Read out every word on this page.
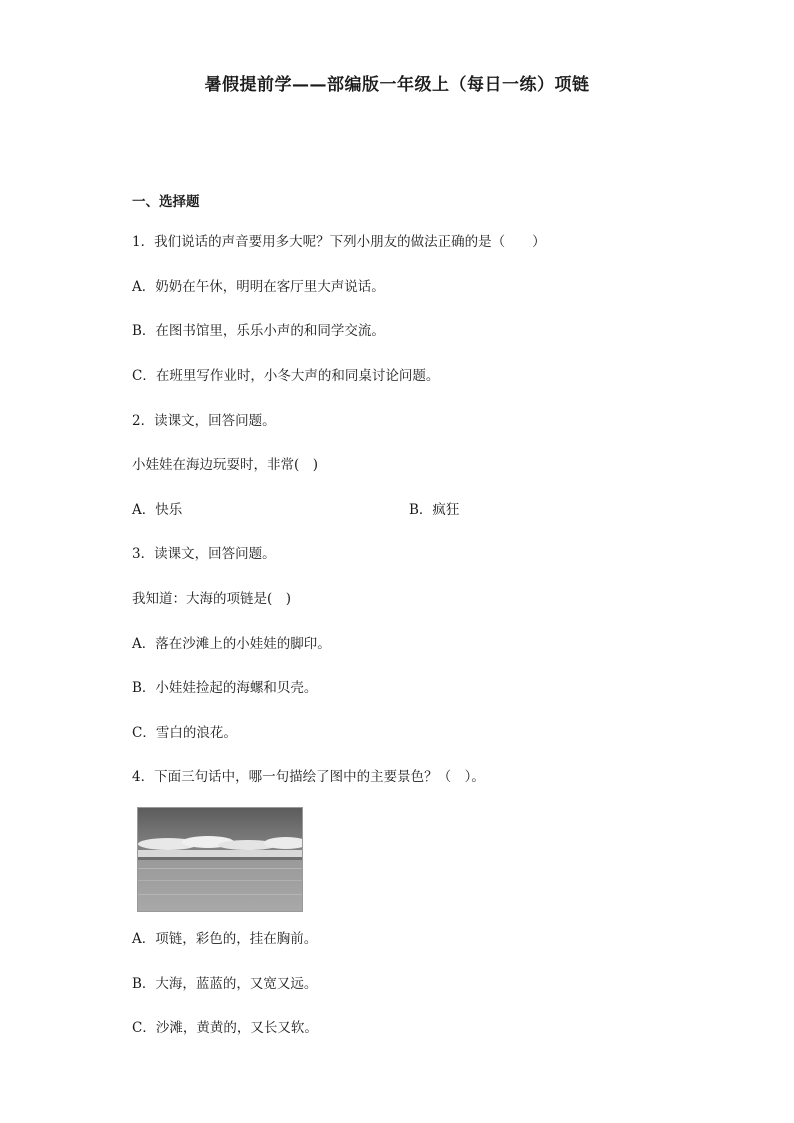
暑假提前学——部编版一年级上（每日一练）项链
一、选择题
1．我们说话的声音要用多大呢？下列小朋友的做法正确的是（　　）
A．奶奶在午休，明明在客厅里大声说话。
B．在图书馆里，乐乐小声的和同学交流。
C．在班里写作业时，小冬大声的和同桌讨论问题。
2．读课文，回答问题。
小娃娃在海边玩耍时，非常(　)
A．快乐	B．疯狂
3．读课文，回答问题。
我知道：大海的项链是(　)
A．落在沙滩上的小娃娃的脚印。
B．小娃娃捡起的海螺和贝壳。
C．雪白的浪花。
4．下面三句话中，哪一句描绘了图中的主要景色？（　）。
A．项链，彩色的，挂在胸前。
B．大海，蓝蓝的，又宽又远。
C．沙滩，黄黄的，又长又软。
